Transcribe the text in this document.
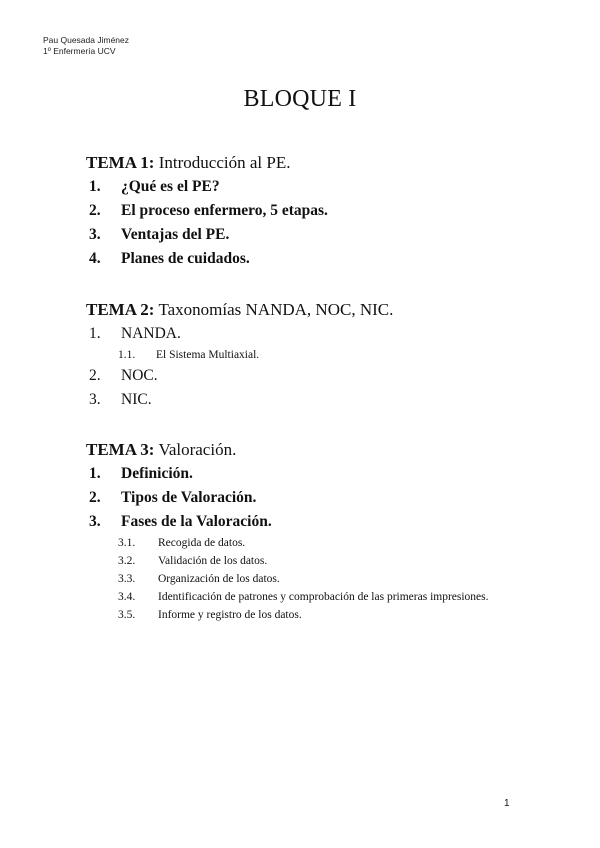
Pau Quesada Jiménez
1º Enfermería UCV
BLOQUE I
TEMA 1: Introducción al PE.
1. ¿Qué es el PE?
2. El proceso enfermero, 5 etapas.
3. Ventajas del PE.
4. Planes de cuidados.
TEMA 2: Taxonomías NANDA, NOC, NIC.
1. NANDA.
1.1. El Sistema Multiaxial.
2. NOC.
3. NIC.
TEMA 3: Valoración.
1. Definición.
2. Tipos de Valoración.
3. Fases de la Valoración.
3.1. Recogida de datos.
3.2. Validación de los datos.
3.3. Organización de los datos.
3.4. Identificación de patrones y comprobación de las primeras impresiones.
3.5. Informe y registro de los datos.
1
